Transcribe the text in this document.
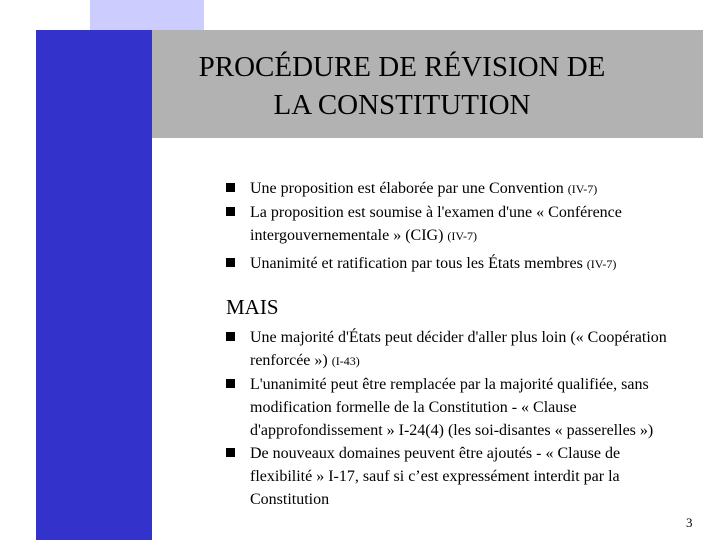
PROCÉDURE DE RÉVISION DE
LA CONSTITUTION
Une proposition est élaborée par une Convention (IV-7)
La proposition est soumise à l'examen d'une « Conférence intergouvernementale » (CIG) (IV-7)
Unanimité et ratification par tous les États membres (IV-7)
MAIS
Une majorité d'États peut décider d'aller plus loin (« Coopération renforcée ») (I-43)
L'unanimité peut être remplacée par la majorité qualifiée, sans modification formelle de la Constitution - « Clause d'approfondissement » I-24(4) (les soi-disantes « passerelles »)
De nouveaux domaines peuvent être ajoutés - « Clause de flexibilité » I-17, sauf si c’est expressément interdit par la Constitution
3
